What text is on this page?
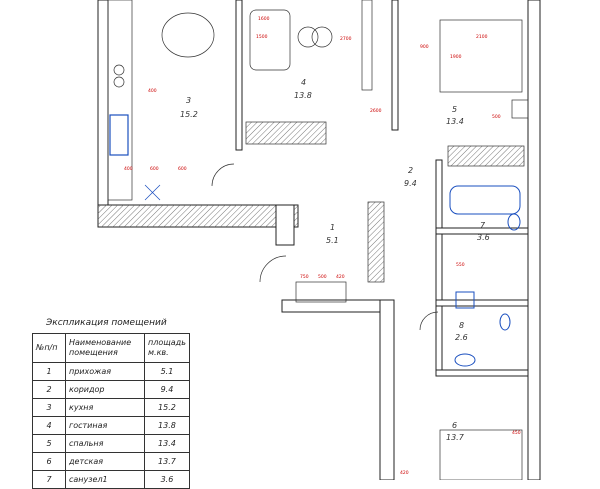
3
15.2
4
13.8
5
13.4
2
9.4
1
5.1
7
3.6
8
2.6
6
13.7
600
400
1600
1500	2100
2700
2600
1900
900
500
750 500 420
400
450
550
600
420
Экспликация помещений
№п/п	Наименование помещения	площадь м.кв.
1	прихожая	5.1
2	коридор	9.4
3	кухня	15.2
4	гостиная	13.8
5	спальня	13.4
6	детская	13.7
7	санузел1	3.6
